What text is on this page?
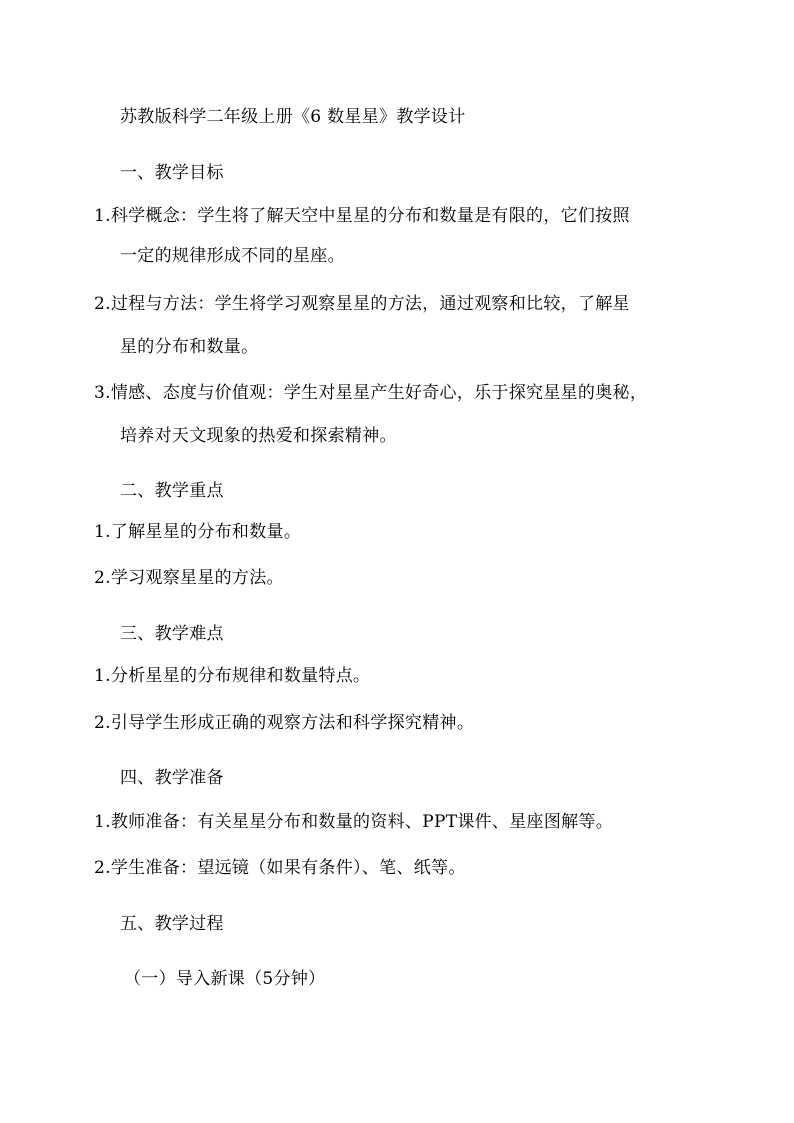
苏教版科学二年级上册《6 数星星》教学设计
一、教学目标
1.科学概念：学生将了解天空中星星的分布和数量是有限的，它们按照
一定的规律形成不同的星座。
2.过程与方法：学生将学习观察星星的方法，通过观察和比较，了解星
星的分布和数量。
3.情感、态度与价值观：学生对星星产生好奇心，乐于探究星星的奥秘，
培养对天文现象的热爱和探索精神。
二、教学重点
1.了解星星的分布和数量。
2.学习观察星星的方法。
三、教学难点
1.分析星星的分布规律和数量特点。
2.引导学生形成正确的观察方法和科学探究精神。
四、教学准备
1.教师准备：有关星星分布和数量的资料、PPT课件、星座图解等。
2.学生准备：望远镜（如果有条件）、笔、纸等。
五、教学过程
（一）导入新课（5分钟）
